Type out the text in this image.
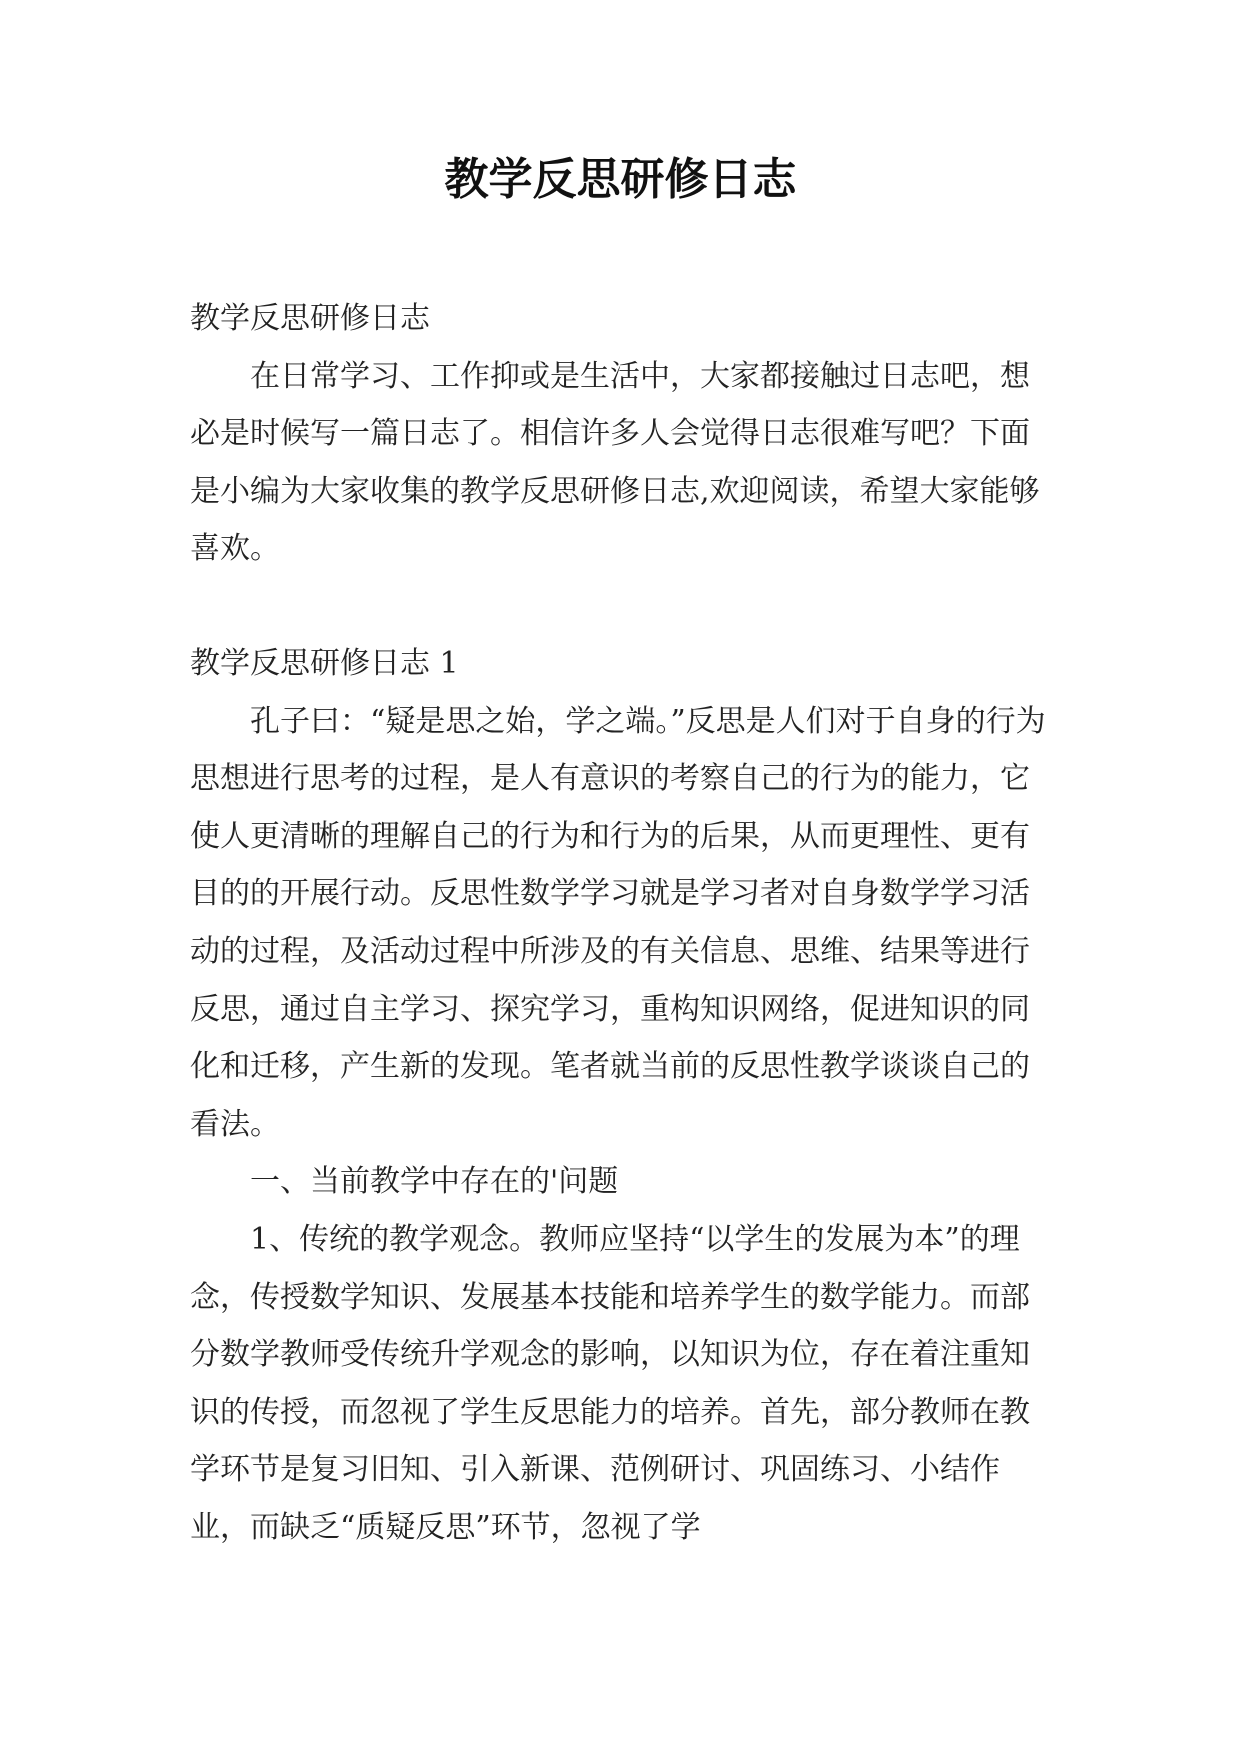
教学反思研修日志

教学反思研修日志

在日常学习、工作抑或是生活中，大家都接触过日志吧，想必是时候写一篇日志了。相信许多人会觉得日志很难写吧？下面是小编为大家收集的教学反思研修日志,欢迎阅读，希望大家能够喜欢。

教学反思研修日志 1

孔子曰：“疑是思之始，学之端。”反思是人们对于自身的行为思想进行思考的过程，是人有意识的考察自己的行为的能力，它使人更清晰的理解自己的行为和行为的后果，从而更理性、更有目的的开展行动。反思性数学学习就是学习者对自身数学学习活动的过程，及活动过程中所涉及的有关信息、思维、结果等进行反思，通过自主学习、探究学习，重构知识网络，促进知识的同化和迁移，产生新的发现。笔者就当前的反思性教学谈谈自己的看法。

一、当前教学中存在的'问题

1、传统的教学观念。教师应坚持“以学生的发展为本”的理念，传授数学知识、发展基本技能和培养学生的数学能力。而部分数学教师受传统升学观念的影响，以知识为位，存在着注重知识的传授，而忽视了学生反思能力的培养。首先，部分教师在教学环节是复习旧知、引入新课、范例研讨、巩固练习、小结作业，而缺乏“质疑反思”环节，忽视了学
